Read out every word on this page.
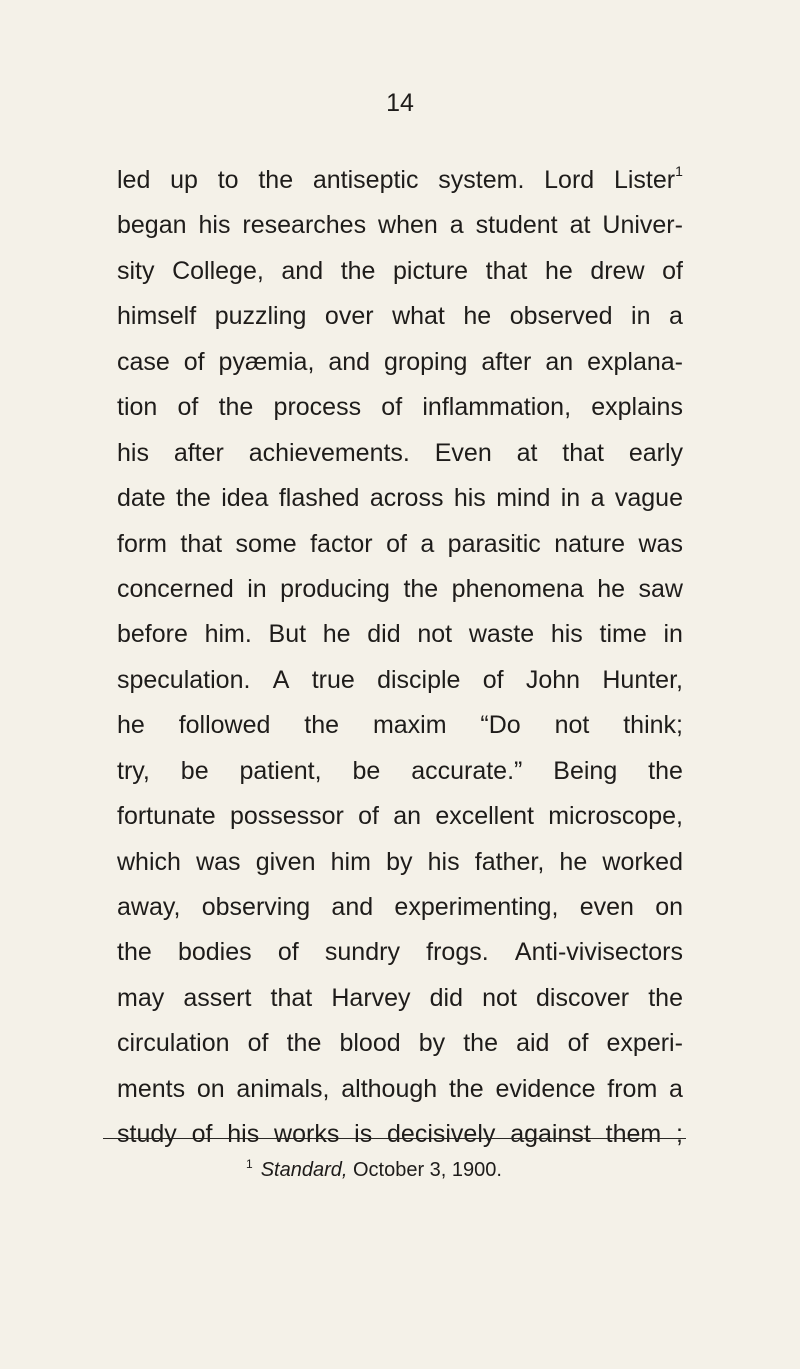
14
led up to the antiseptic system. Lord Lister$^1$
began his researches when a student at Univer-
sity College, and the picture that he drew of
himself puzzling over what he observed in a
case of pyæmia, and groping after an explana-
tion of the process of inflammation, explains
his after achievements. Even at that early
date the idea flashed across his mind in a vague
form that some factor of a parasitic nature was
concerned in producing the phenomena he saw
before him. But he did not waste his time in
speculation. A true disciple of John Hunter,
he followed the maxim “Do not think;
try, be patient, be accurate.” Being the
fortunate possessor of an excellent microscope,
which was given him by his father, he worked
away, observing and experimenting, even on
the bodies of sundry frogs. Anti-vivisectors
may assert that Harvey did not discover the
circulation of the blood by the aid of experi-
ments on animals, although the evidence from a
study of his works is decisively against them ;
$^1$ Standard, October 3, 1900.
